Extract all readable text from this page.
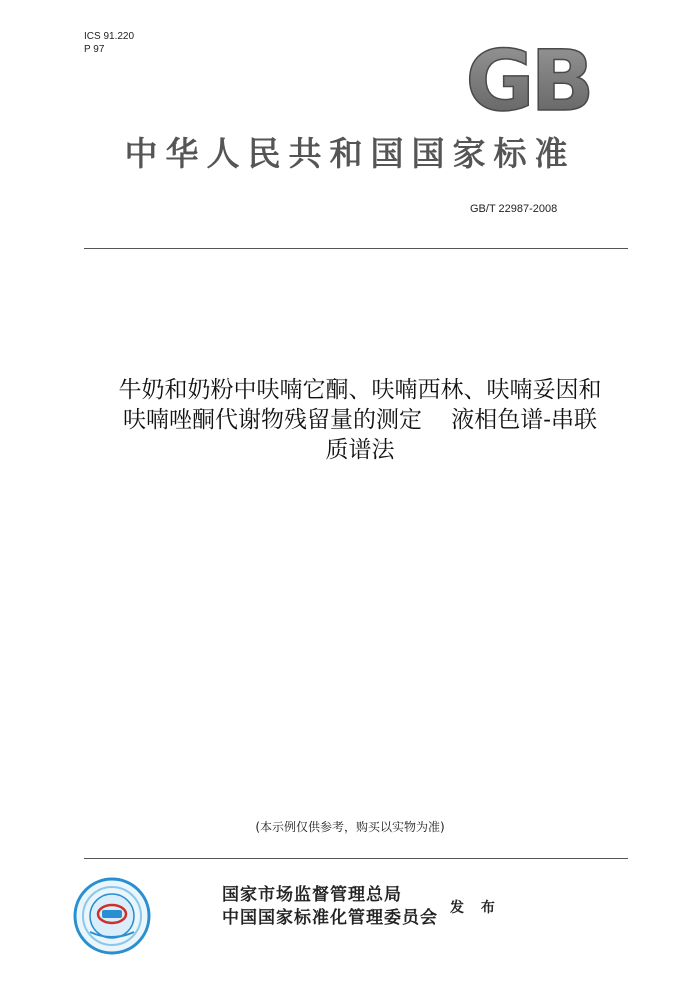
ICS 91.220
P 97	GB
中华人民共和国国家标准
GB/T 22987-2008
牛奶和奶粉中呋喃它酮、呋喃西林、呋喃妥因和
呋喃唑酮代谢物残留量的测定    液相色谱-串联
质谱法
(本示例仅供参考，购买以实物为准)
国家市场监督管理总局
中国国家标准化管理委员会 发 布
